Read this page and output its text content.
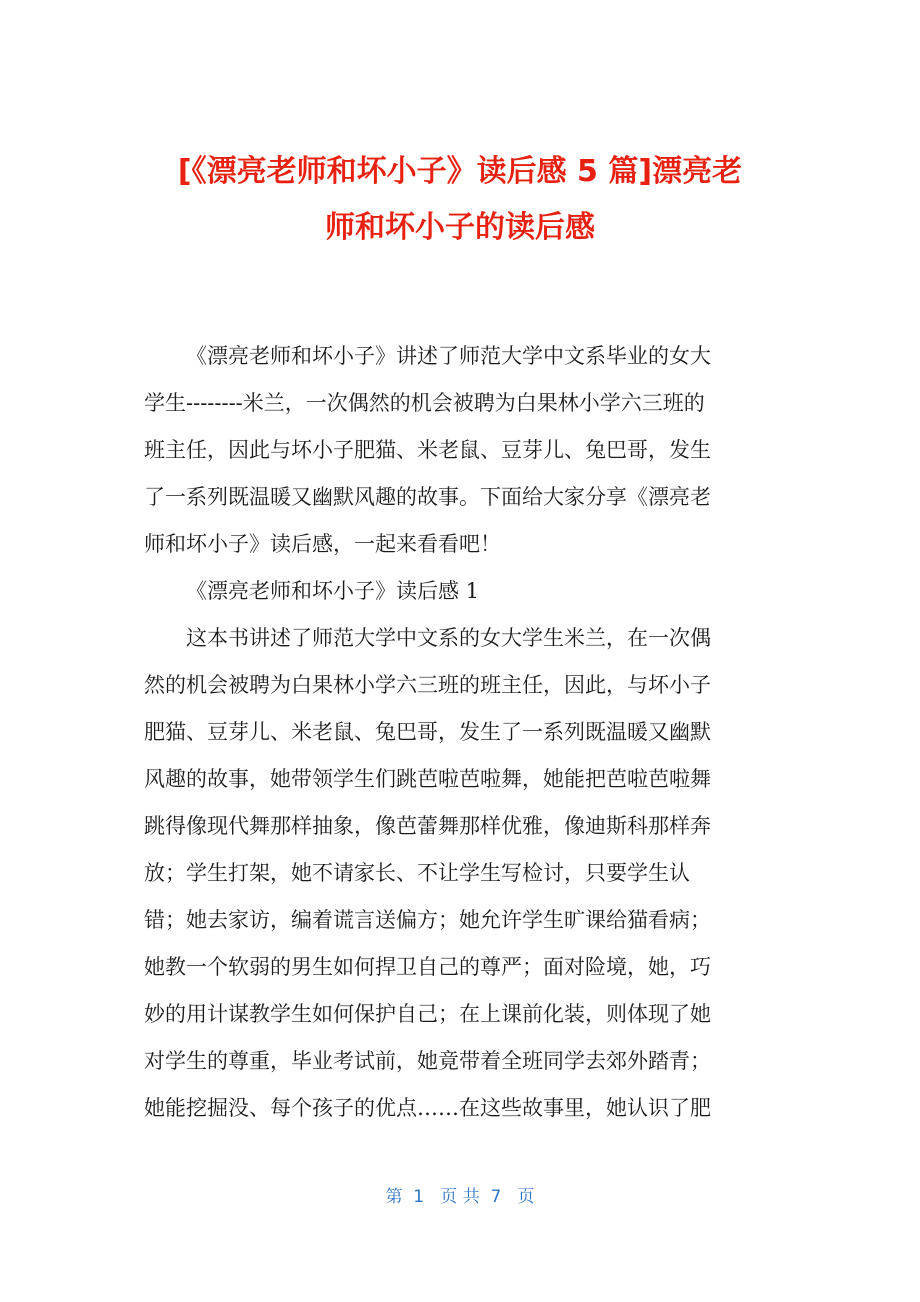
[《漂亮老师和坏小子》读后感 5 篇]漂亮老
师和坏小子的读后感
《漂亮老师和坏小子》讲述了师范大学中文系毕业的女大
学生--------米兰，一次偶然的机会被聘为白果林小学六三班的
班主任，因此与坏小子肥猫、米老鼠、豆芽儿、兔巴哥，发生
了一系列既温暖又幽默风趣的故事。下面给大家分享《漂亮老
师和坏小子》读后感，一起来看看吧！
《漂亮老师和坏小子》读后感 1
这本书讲述了师范大学中文系的女大学生米兰，在一次偶
然的机会被聘为白果林小学六三班的班主任，因此，与坏小子
肥猫、豆芽儿、米老鼠、兔巴哥，发生了一系列既温暖又幽默
风趣的故事，她带领学生们跳芭啦芭啦舞，她能把芭啦芭啦舞
跳得像现代舞那样抽象，像芭蕾舞那样优雅，像迪斯科那样奔
放；学生打架，她不请家长、不让学生写检讨，只要学生认
错；她去家访，编着谎言送偏方；她允许学生旷课给猫看病；
她教一个软弱的男生如何捍卫自己的尊严；面对险境，她，巧
妙的用计谋教学生如何保护自己；在上课前化装，则体现了她
对学生的尊重，毕业考试前，她竟带着全班同学去郊外踏青；
她能挖掘没、每个孩子的优点……在这些故事里，她认识了肥
第  1   页 共  7   页
